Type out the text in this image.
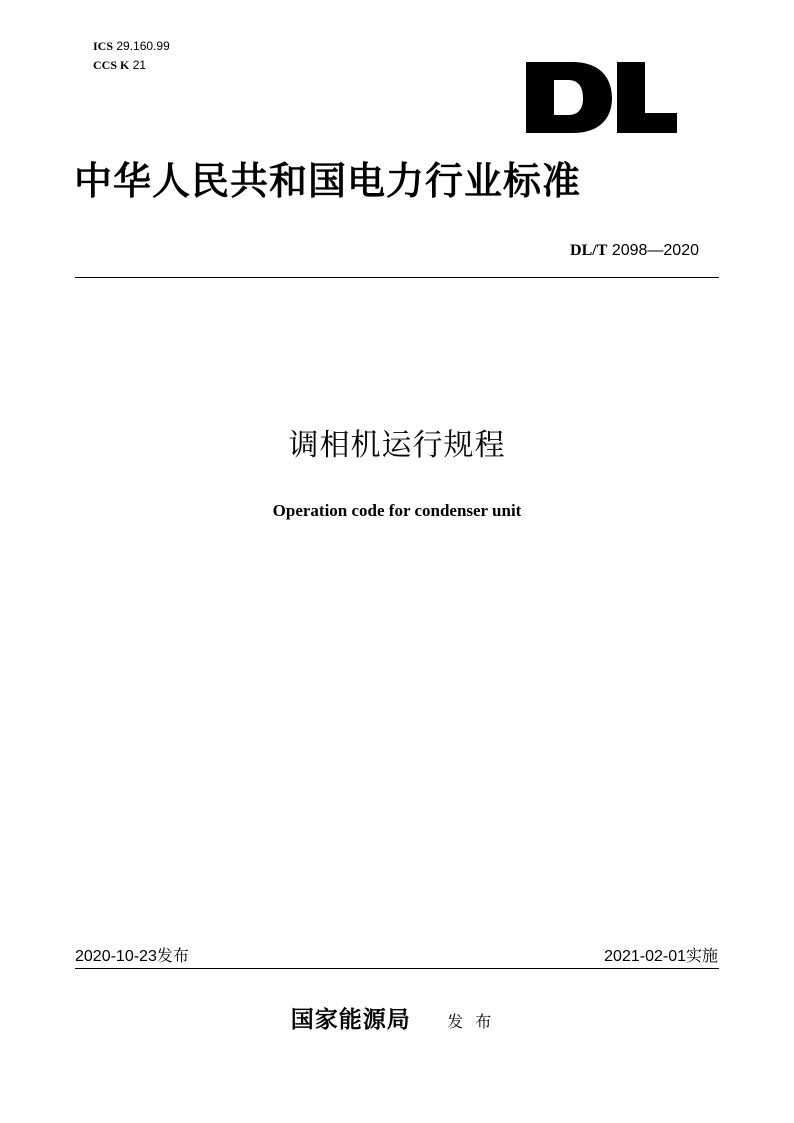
ICS 29.160.99
CCS K 21
中华人民共和国电力行业标准
DL/T 2098—2020
调相机运行规程
Operation code for condenser unit
2020-10-23发布	2021-02-01实施
国家能源局 发布
